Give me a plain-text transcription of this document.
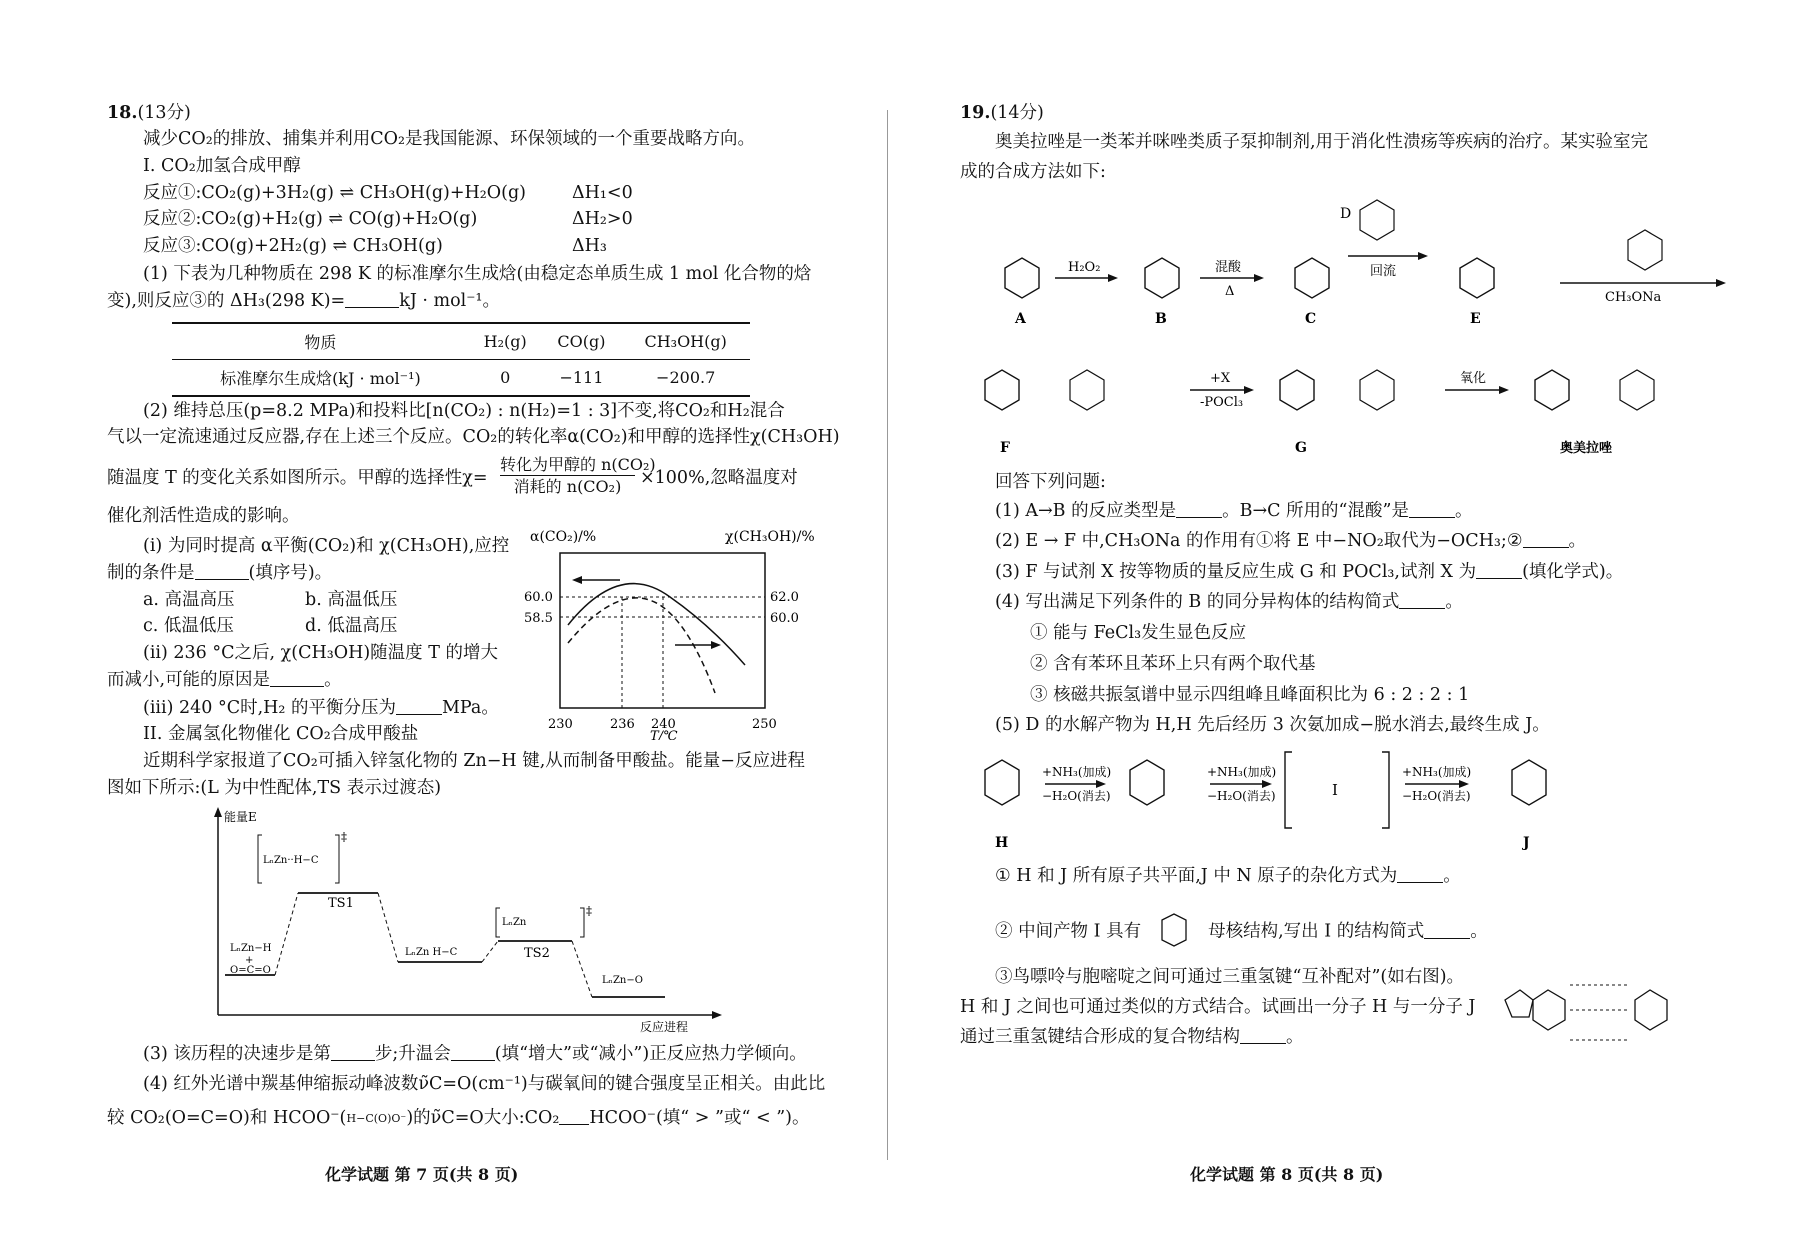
18.(13分)
减少CO₂的排放、捕集并利用CO₂是我国能源、环保领域的一个重要战略方向。
I. CO₂加氢合成甲醇
反应①:CO₂(g)+3H₂(g) ⇌ CH₃OH(g)+H₂O(g)	ΔH₁<0
反应②:CO₂(g)+H₂(g) ⇌ CO(g)+H₂O(g)	ΔH₂>0
反应③:CO(g)+2H₂(g) ⇌ CH₃OH(g)	ΔH₃
(1) 下表为几种物质在 298 K 的标准摩尔生成焓(由稳定态单质生成 1 mol 化合物的焓
变),则反应③的 ΔH₃(298 K)=	kJ · mol⁻¹。
物质	H₂(g)	CO(g)	CH₃OH(g)
标准摩尔生成焓(kJ · mol⁻¹)	0	−111	−200.7
(2) 维持总压(p=8.2 MPa)和投料比[n(CO₂) : n(H₂)=1 : 3]不变,将CO₂和H₂混合
气以一定流速通过反应器,存在上述三个反应。CO₂的转化率α(CO₂)和甲醇的选择性χ(CH₃OH)
随温度 T 的变化关系如图所示。甲醇的选择性χ=
转化为甲醇的 n(CO₂)
消耗的 n(CO₂)	×100%,忽略温度对
催化剂活性造成的影响。
(i) 为同时提高 α平衡(CO₂)和 χ(CH₃OH),应控
制的条件是	(填序号)。
a. 高温高压	b. 高温低压
c. 低温低压	d. 低温高压
(ii) 236 °C之后, χ(CH₃OH)随温度 T 的增大
而减小,可能的原因是	。
(iii) 240 °C时,H₂ 的平衡分压为	MPa。
II. 金属氢化物催化 CO₂合成甲酸盐
近期科学家报道了CO₂可插入锌氢化物的 Zn−H 键,从而制备甲酸盐。能量−反应进程
图如下所示:(L 为中性配体,TS 表示过渡态)
α(CO₂)/%	χ(CH₃OH)/%
60.0
58.5
62.0
60.0
230	236 240	250
T/℃
能量E
反应进程
LₙZn−H
+
O=C=O
LₙZn··H−C
‡
TS1
LₙZn H−C
LₙZn
‡
TS2
LₙZn−O
(3) 该历程的决速步是第	步;升温会	(填“增大”或“减小”)正反应热力学倾向。
(4) 红外光谱中羰基伸缩振动峰波数ν̃C=O(cm⁻¹)与碳氧间的键合强度呈正相关。由此比
较 CO₂(O=C=O)和 HCOO⁻(H−C(O)O⁻)的ν̃C=O大小:CO₂ HCOO⁻(填“ > ”或“ < ”)。
化学试题 第 7 页(共 8 页)
19.(14分)
奥美拉唑是一类苯并咪唑类质子泵抑制剂,用于消化性溃疡等疾病的治疗。某实验室完
成的合成方法如下:
A
H₂O₂
B
混酸
Δ
C
D
回流
E
CH₃ONa
F
+X
-POCl₃
G
氧化
奥美拉唑
回答下列问题:
(1) A→B 的反应类型是	。B→C 所用的“混酸”是	。
(2) E → F 中,CH₃ONa 的作用有①将 E 中−NO₂取代为−OCH₃;②	。
(3) F 与试剂 X 按等物质的量反应生成 G 和 POCl₃,试剂 X 为	(填化学式)。
(4) 写出满足下列条件的 B 的同分异构体的结构简式	。
① 能与 FeCl₃发生显色反应
② 含有苯环且苯环上只有两个取代基
③ 核磁共振氢谱中显示四组峰且峰面积比为 6 : 2 : 2 : 1
(5) D 的水解产物为 H,H 先后经历 3 次氨加成−脱水消去,最终生成 J。
H
+NH₃(加成)
−H₂O(消去)
+NH₃(加成)
−H₂O(消去)	I
+NH₃(加成)
−H₂O(消去)
J
① H 和 J 所有原子共平面,J 中 N 原子的杂化方式为	。
② 中间产物 I 具有	母核结构,写出 I 的结构简式	。
③鸟嘌呤与胞嘧啶之间可通过三重氢键“互补配对”(如右图)。
H 和 J 之间也可通过类似的方式结合。试画出一分子 H 与一分子 J
通过三重氢键结合形成的复合物结构	。
化学试题 第 8 页(共 8 页)
